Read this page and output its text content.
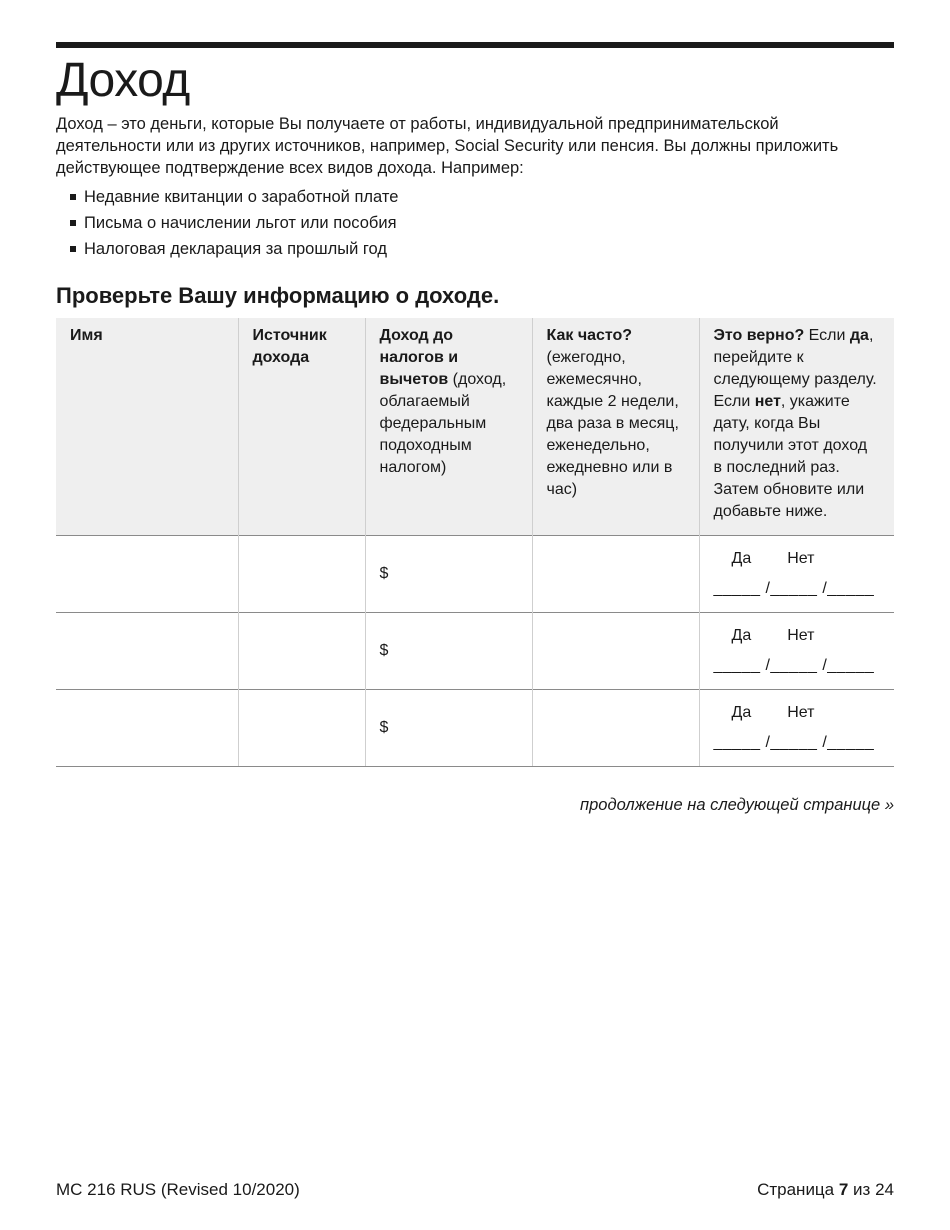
Доход

Доход – это деньги, которые Вы получаете от работы, индивидуальной предпринимательской деятельности или из других источников, например, Social Security или пенсия. Вы должны приложить действующее подтверждение всех видов дохода. Например:

Недавние квитанции о заработной плате
Письма о начислении льгот или пособия
Налоговая декларация за прошлый год
Проверьте Вашу информацию о доходе.
Имя	Источник дохода	Доход до налогов и вычетов (доход, облагаемый федеральным подоходным налогом)	Как часто? (ежегодно, ежемесячно, каждые 2 недели, два раза в месяц, еженедельно, ежедневно или в час)	Это верно? Если да, перейдите к следующему разделу. Если нет, укажите дату, когда Вы получили этот доход в последний раз. Затем обновите или добавьте ниже.
		$		Да Нет
_____ /_____ /_____

		$		Да Нет
_____ /_____ /_____

		$		Да Нет
_____ /_____ /_____

продолжение на следующей странице »

MC 216 RUS (Revised 10/2020)	Страница 7 из 24
